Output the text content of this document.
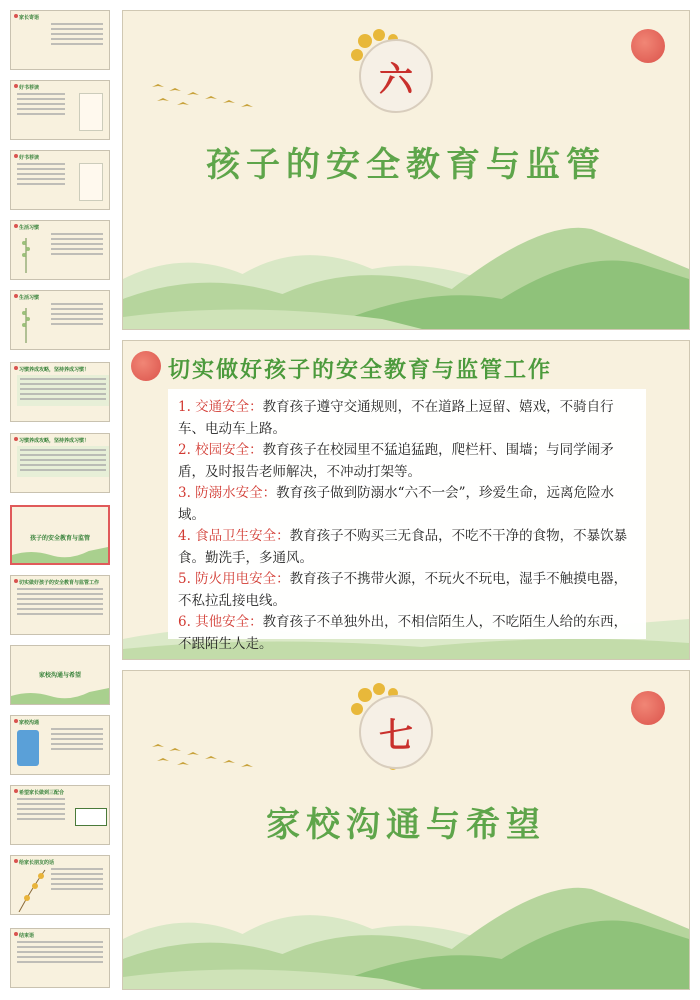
家长寄语
好书荐读
好书荐读
生活习惯
生活习惯
习惯养成攻略，坚持养成习惯！
习惯养成攻略，坚持养成习惯！
孩子的安全教育与监管
切实做好孩子的安全教育与监管工作
家校沟通与希望
家校沟通
希望家长做到三配合
给家长朋友的话
结束语
六
孩子的安全教育与监管
切实做好孩子的安全教育与监管工作

1. 交通安全：教育孩子遵守交通规则，不在道路上逗留、嬉戏，不骑自行车、电动车上路。

2. 校园安全：教育孩子在校园里不猛追猛跑，爬栏杆、围墙；与同学闹矛盾，及时报告老师解决，不冲动打架等。

3. 防溺水安全：教育孩子做到防溺水“六不一会”，珍爱生命，远离危险水域。

4. 食品卫生安全：教育孩子不购买三无食品，不吃不干净的食物，不暴饮暴食。勤洗手，多通风。

5. 防火用电安全：教育孩子不携带火源，不玩火不玩电，湿手不触摸电器，不私拉乱接电线。

6. 其他安全：教育孩子不单独外出，不相信陌生人，不吃陌生人给的东西，不跟陌生人走。

七
家校沟通与希望
